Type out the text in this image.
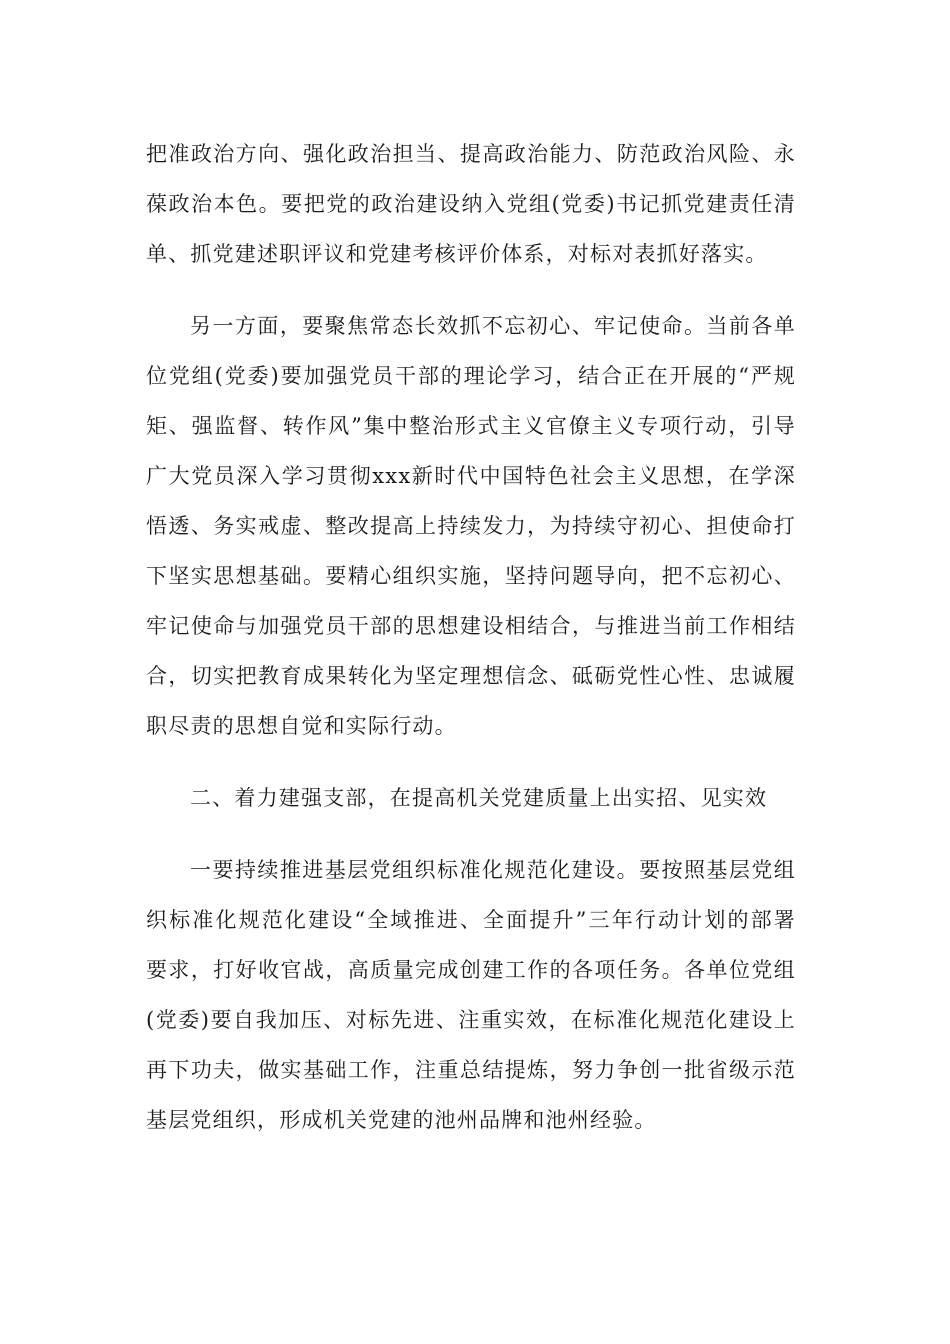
把准政治方向、强化政治担当、提高政治能力、防范政治风险、永
葆政治本色。要把党的政治建设纳入党组(党委)书记抓党建责任清
单、抓党建述职评议和党建考核评价体系，对标对表抓好落实。
另一方面，要聚焦常态长效抓不忘初心、牢记使命。当前各单
位党组(党委)要加强党员干部的理论学习，结合正在开展的“严规
矩、强监督、转作风”集中整治形式主义官僚主义专项行动，引导
广大党员深入学习贯彻xxx新时代中国特色社会主义思想，在学深
悟透、务实戒虚、整改提高上持续发力，为持续守初心、担使命打
下坚实思想基础。要精心组织实施，坚持问题导向，把不忘初心、
牢记使命与加强党员干部的思想建设相结合，与推进当前工作相结
合，切实把教育成果转化为坚定理想信念、砥砺党性心性、忠诚履
职尽责的思想自觉和实际行动。
二、着力建强支部，在提高机关党建质量上出实招、见实效
一要持续推进基层党组织标准化规范化建设。要按照基层党组
织标准化规范化建设“全域推进、全面提升”三年行动计划的部署
要求，打好收官战，高质量完成创建工作的各项任务。各单位党组
(党委)要自我加压、对标先进、注重实效，在标准化规范化建设上
再下功夫，做实基础工作，注重总结提炼，努力争创一批省级示范
基层党组织，形成机关党建的池州品牌和池州经验。
